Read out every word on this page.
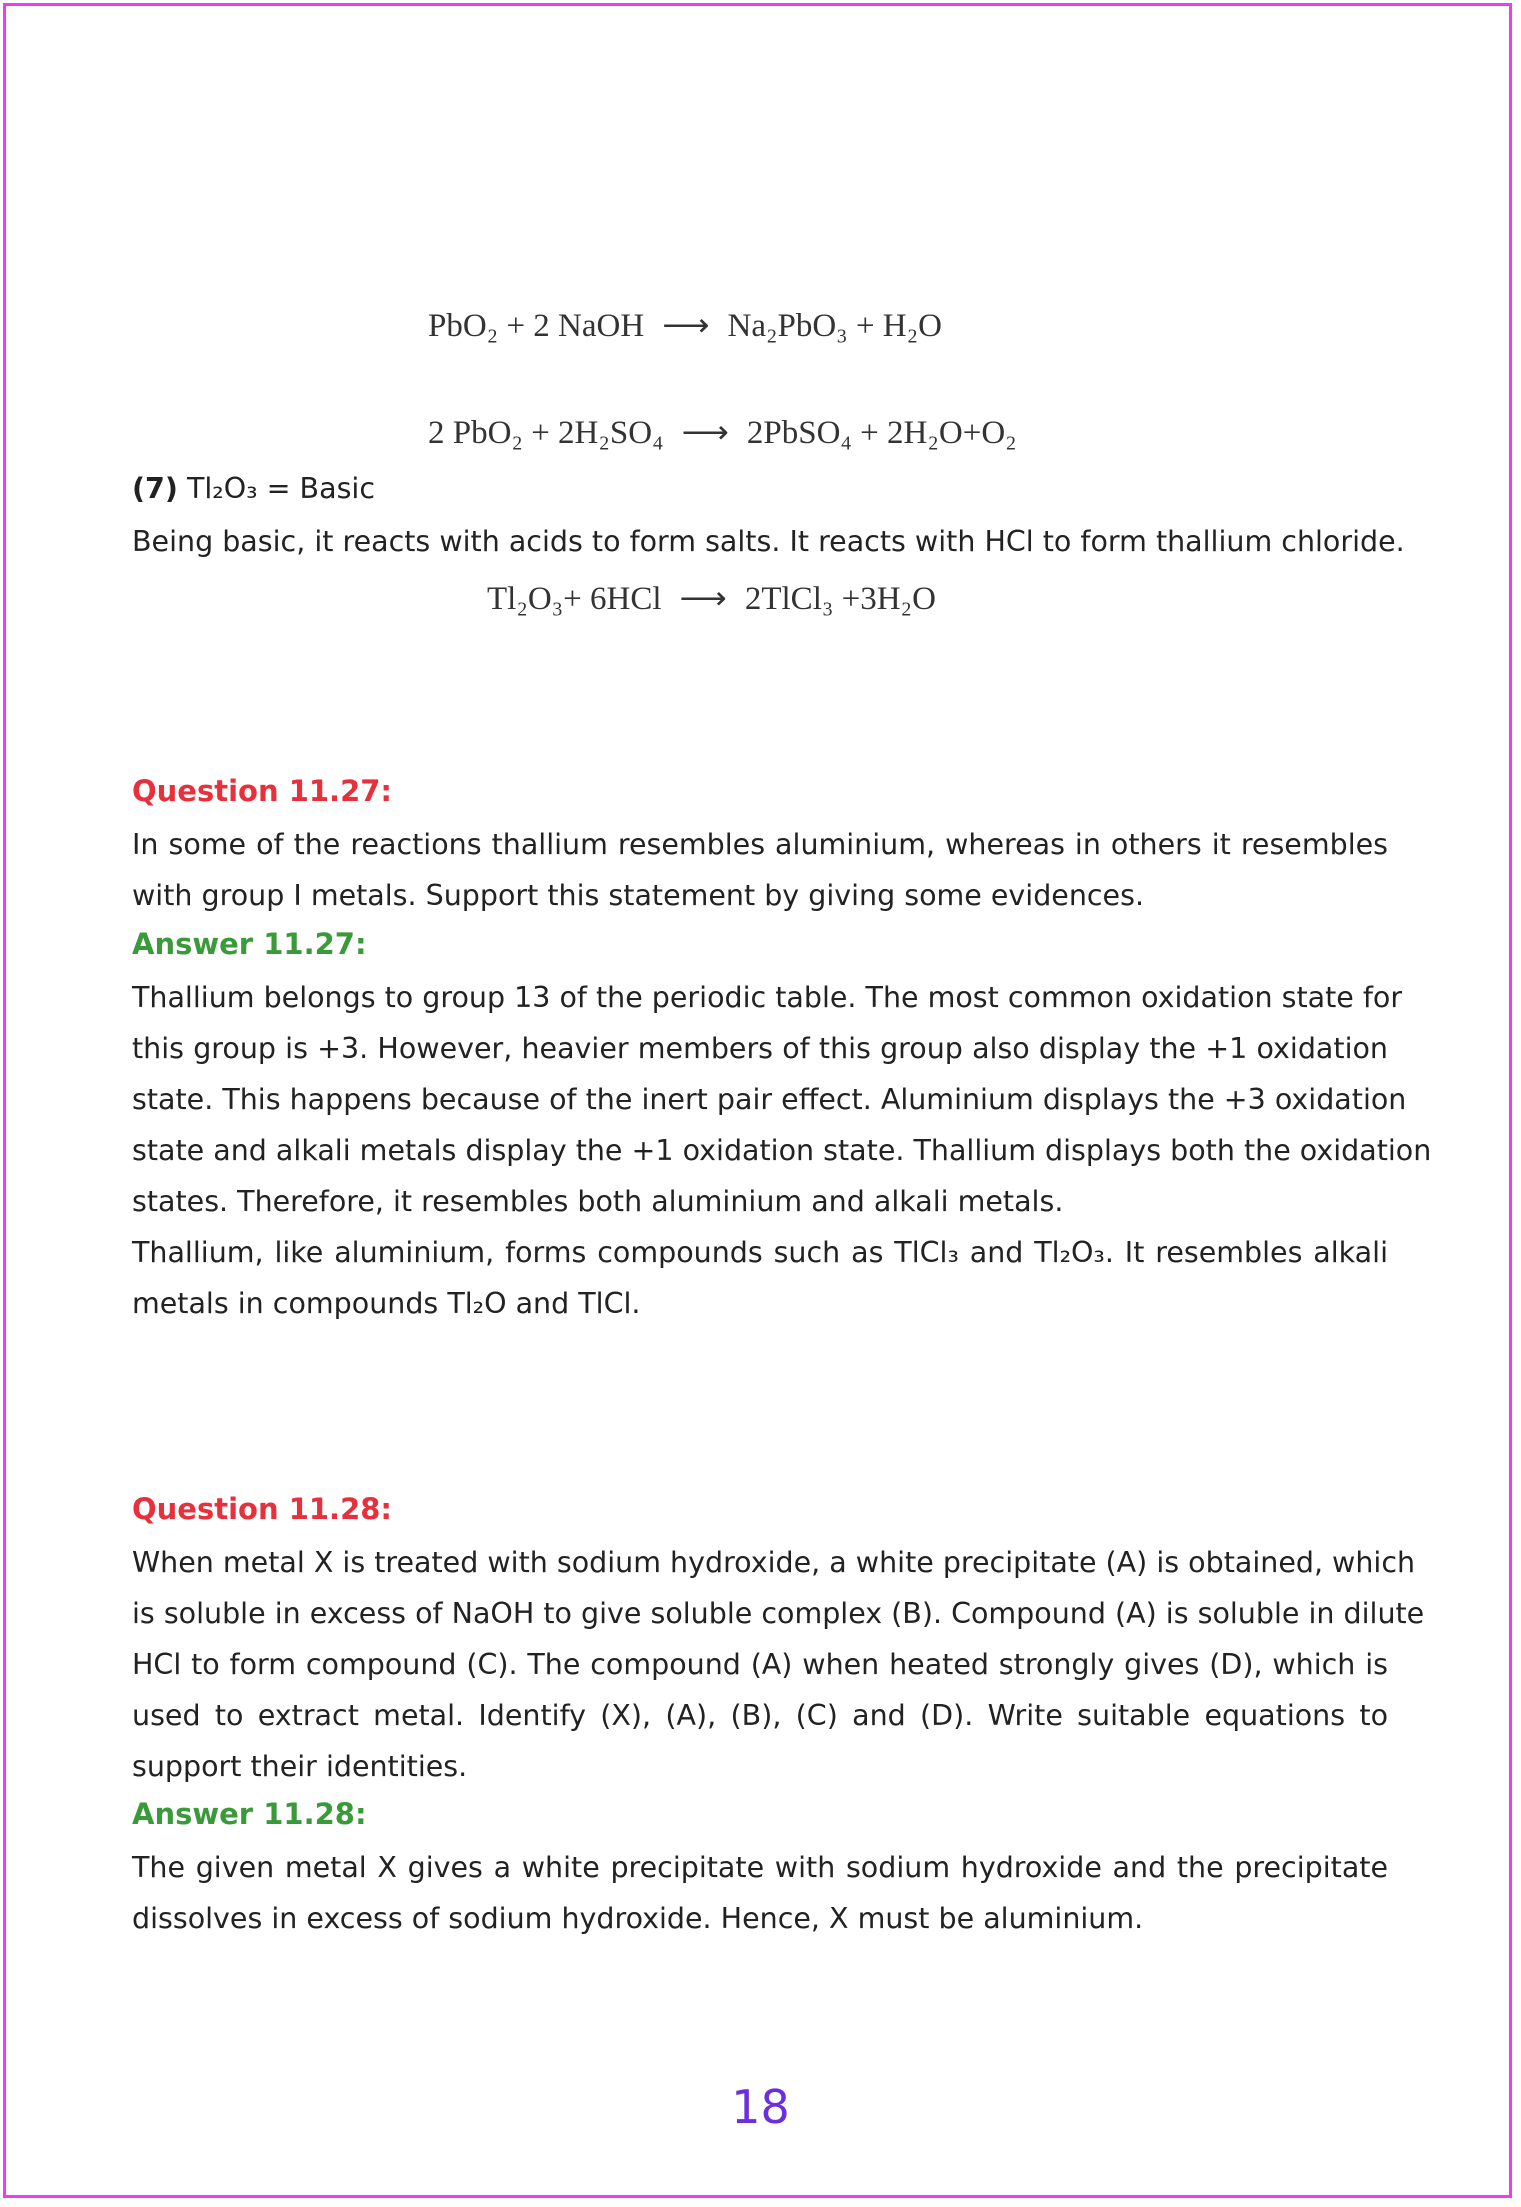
PbO₂ + 2 NaOH ⟶ Na₂PbO₃ + H₂O
2 PbO₂ + 2H₂SO₄ ⟶ 2PbSO₄ + 2H₂O+O₂
(7) Tl₂O₃ = Basic
Being basic, it reacts with acids to form salts. It reacts with HCl to form thallium chloride.
Tl₂O₃+ 6HCl ⟶ 2TlCl₃ +3H₂O
Question 11.27:
In some of the reactions thallium resembles aluminium, whereas in others it resembles
with group I metals. Support this statement by giving some evidences.
Answer 11.27:
Thallium belongs to group 13 of the periodic table. The most common oxidation state for
this group is +3. However, heavier members of this group also display the +1 oxidation
state. This happens because of the inert pair effect. Aluminium displays the +3 oxidation
state and alkali metals display the +1 oxidation state. Thallium displays both the oxidation
states. Therefore, it resembles both aluminium and alkali metals.
Thallium, like aluminium, forms compounds such as TlCl₃ and Tl₂O₃. It resembles alkali
metals in compounds Tl₂O and TlCl.
Question 11.28:
When metal X is treated with sodium hydroxide, a white precipitate (A) is obtained, which
is soluble in excess of NaOH to give soluble complex (B). Compound (A) is soluble in dilute
HCl to form compound (C). The compound (A) when heated strongly gives (D), which is
used to extract metal. Identify (X), (A), (B), (C) and (D). Write suitable equations to
support their identities.
Answer 11.28:
The given metal X gives a white precipitate with sodium hydroxide and the precipitate
dissolves in excess of sodium hydroxide. Hence, X must be aluminium.
18
